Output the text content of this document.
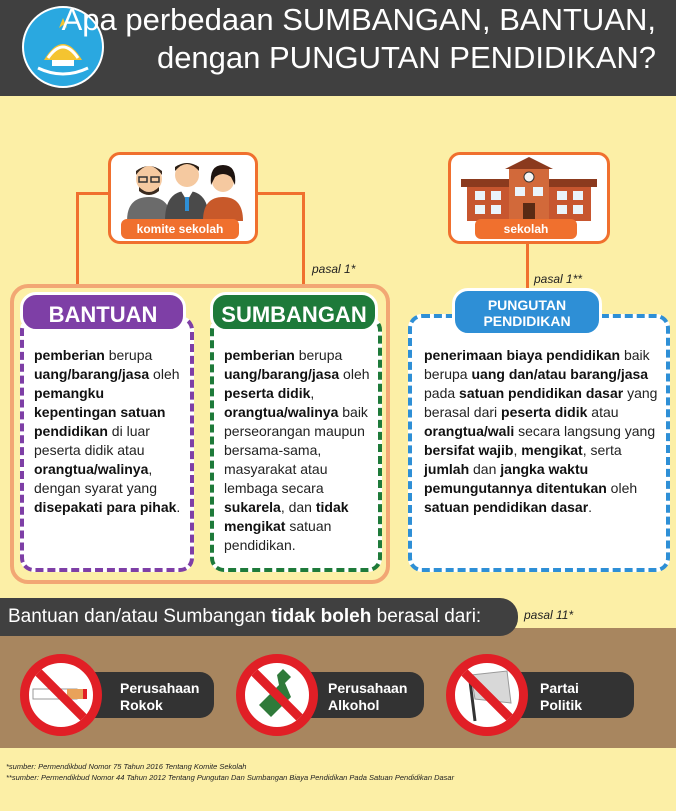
Apa perbedaan SUMBANGAN, BANTUAN,
dengan PUNGUTAN PENDIDIKAN?
komite sekolah
pasal 1*
sekolah
pasal 1**
pemberian berupa uang/barang/jasa oleh pemangku kepentingan satuan pendidikan di luar peserta didik atau orangtua/walinya, dengan syarat yang disepakati para pihak.
BANTUAN
pemberian berupa uang/barang/jasa oleh peserta didik, orangtua/walinya baik perseorangan maupun bersama-sama, masyarakat atau lembaga secara sukarela, dan tidak mengikat satuan pendidikan.
SUMBANGAN
penerimaan biaya pendidikan baik berupa uang dan/atau barang/jasa pada satuan pendidikan dasar yang berasal dari peserta didik atau orangtua/wali secara langsung yang bersifat wajib, mengikat, serta jumlah dan jangka waktu pemungutannya ditentukan oleh satuan pendidikan dasar.
PUNGUTAN
PENDIDIKAN
Bantuan dan/atau Sumbangan tidak boleh berasal dari:	pasal 11*
Perusahaan
Rokok
Perusahaan
Alkohol
Partai
Politik
*sumber: Permendikbud Nomor 75 Tahun 2016 Tentang Komite Sekolah
**sumber: Permendikbud Nomor 44 Tahun 2012 Tentang Pungutan Dan Sumbangan Biaya Pendidikan Pada Satuan Pendidikan Dasar
